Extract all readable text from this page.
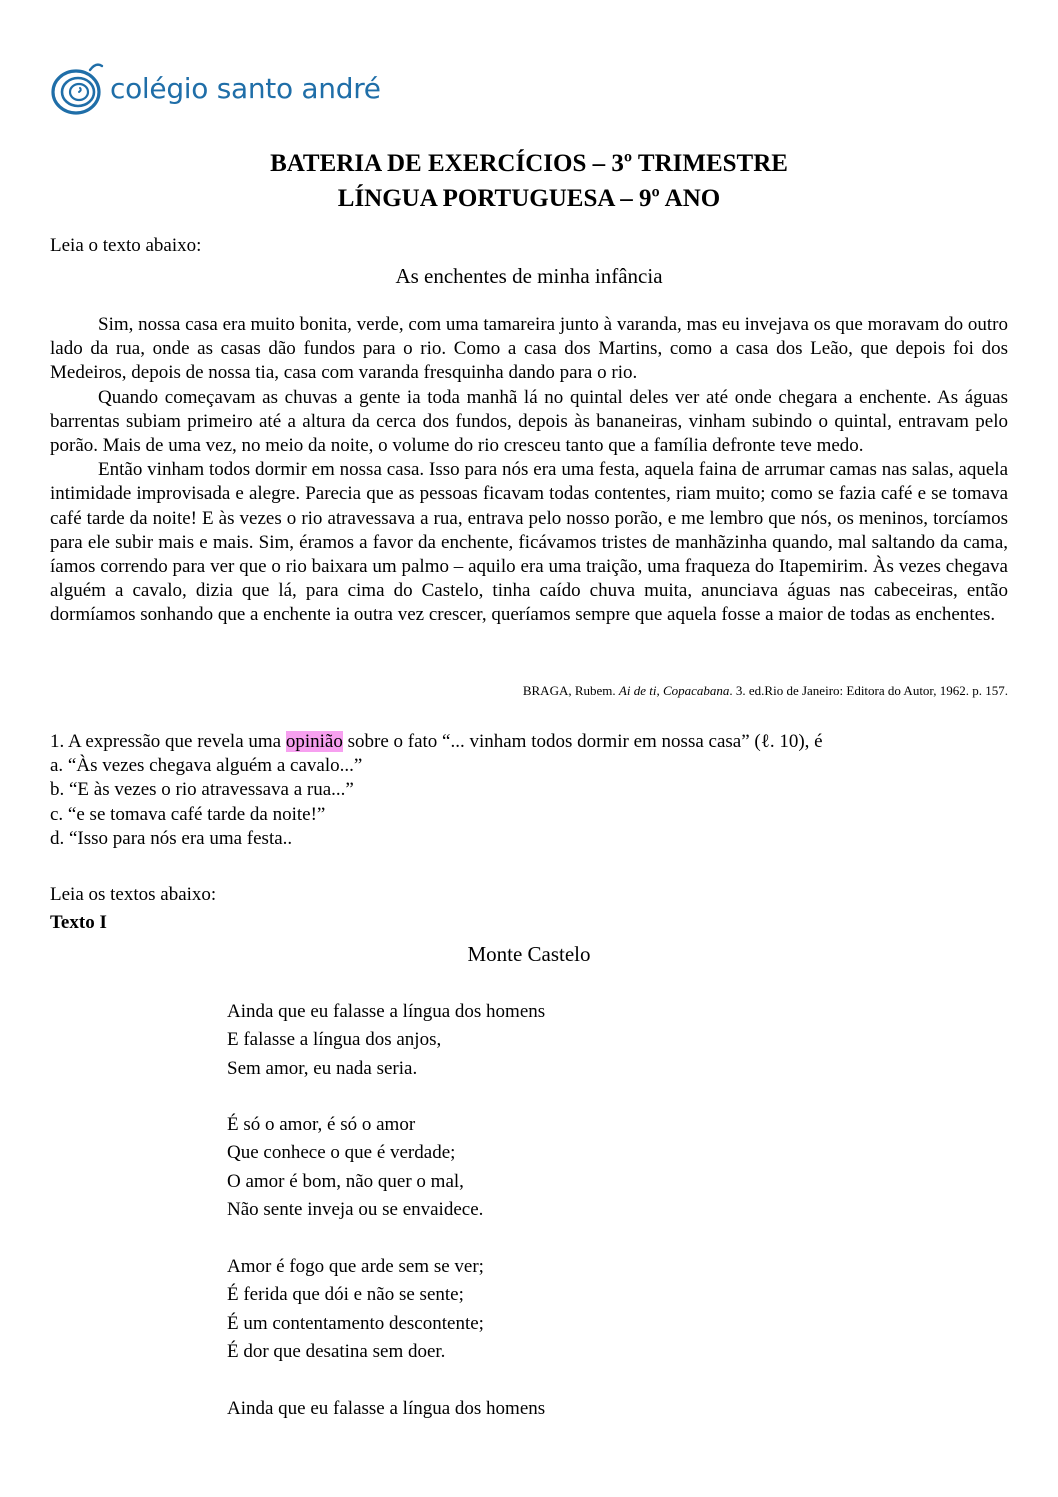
colégio santo andré
BATERIA DE EXERCÍCIOS – 3º TRIMESTRE
LÍNGUA PORTUGUESA – 9º ANO
Leia o texto abaixo:
As enchentes de minha infância

Sim, nossa casa era muito bonita, verde, com uma tamareira junto à varanda, mas eu invejava os que moravam do outro lado da rua, onde as casas dão fundos para o rio. Como a casa dos Martins, como a casa dos Leão, que depois foi dos Medeiros, depois de nossa tia, casa com varanda fresquinha dando para o rio.

Quando começavam as chuvas a gente ia toda manhã lá no quintal deles ver até onde chegara a enchente. As águas barrentas subiam primeiro até a altura da cerca dos fundos, depois às bananeiras, vinham subindo o quintal, entravam pelo porão. Mais de uma vez, no meio da noite, o volume do rio cresceu tanto que a família defronte teve medo.

Então vinham todos dormir em nossa casa. Isso para nós era uma festa, aquela faina de arrumar camas nas salas, aquela intimidade improvisada e alegre. Parecia que as pessoas ficavam todas contentes, riam muito; como se fazia café e se tomava café tarde da noite! E às vezes o rio atravessava a rua, entrava pelo nosso porão, e me lembro que nós, os meninos, torcíamos para ele subir mais e mais. Sim, éramos a favor da enchente, ficávamos tristes de manhãzinha quando, mal saltando da cama, íamos correndo para ver que o rio baixara um palmo – aquilo era uma traição, uma fraqueza do Itapemirim. Às vezes chegava alguém a cavalo, dizia que lá, para cima do Castelo, tinha caído chuva muita, anunciava águas nas cabeceiras, então dormíamos sonhando que a enchente ia outra vez crescer, queríamos sempre que aquela fosse a maior de todas as enchentes.

BRAGA, Rubem. Ai de ti, Copacabana. 3. ed.Rio de Janeiro: Editora do Autor, 1962. p. 157.
1. A expressão que revela uma opinião sobre o fato “... vinham todos dormir em nossa casa” (ℓ. 10), é
a. “Às vezes chegava alguém a cavalo...”
b. “E às vezes o rio atravessava a rua...”
c. “e se tomava café tarde da noite!”
d. “Isso para nós era uma festa..
Leia os textos abaixo:
Texto I
Monte Castelo
Ainda que eu falasse a língua dos homens
E falasse a língua dos anjos,
Sem amor, eu nada seria.
É só o amor, é só o amor
Que conhece o que é verdade;
O amor é bom, não quer o mal,
Não sente inveja ou se envaidece.
Amor é fogo que arde sem se ver;
É ferida que dói e não se sente;
É um contentamento descontente;
É dor que desatina sem doer.
Ainda que eu falasse a língua dos homens
